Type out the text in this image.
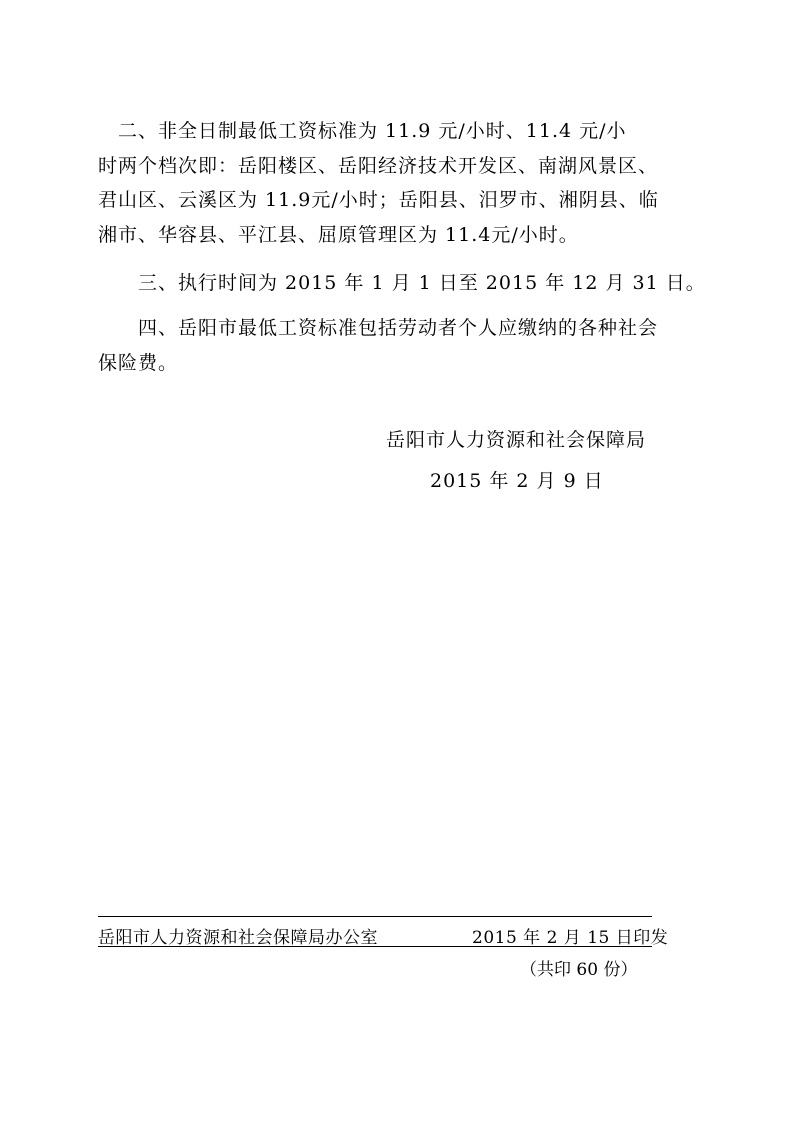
　二、非全日制最低工资标准为 11.9 元/小时、11.4 元/小
时两个档次即：岳阳楼区、岳阳经济技术开发区、南湖风景区、
君山区、云溪区为 11.9元/小时；岳阳县、汨罗市、湘阴县、临
湘市、华容县、平江县、屈原管理区为 11.4元/小时。
　　三、执行时间为 2015 年 1 月 1 日至 2015 年 12 月 31 日。
　　四、岳阳市最低工资标准包括劳动者个人应缴纳的各种社会
保险费。
岳阳市人力资源和社会保障局
2015 年 2 月 9 日
岳阳市人力资源和社会保障局办公室	2015 年 2 月 15 日印发
（共印 60 份）
